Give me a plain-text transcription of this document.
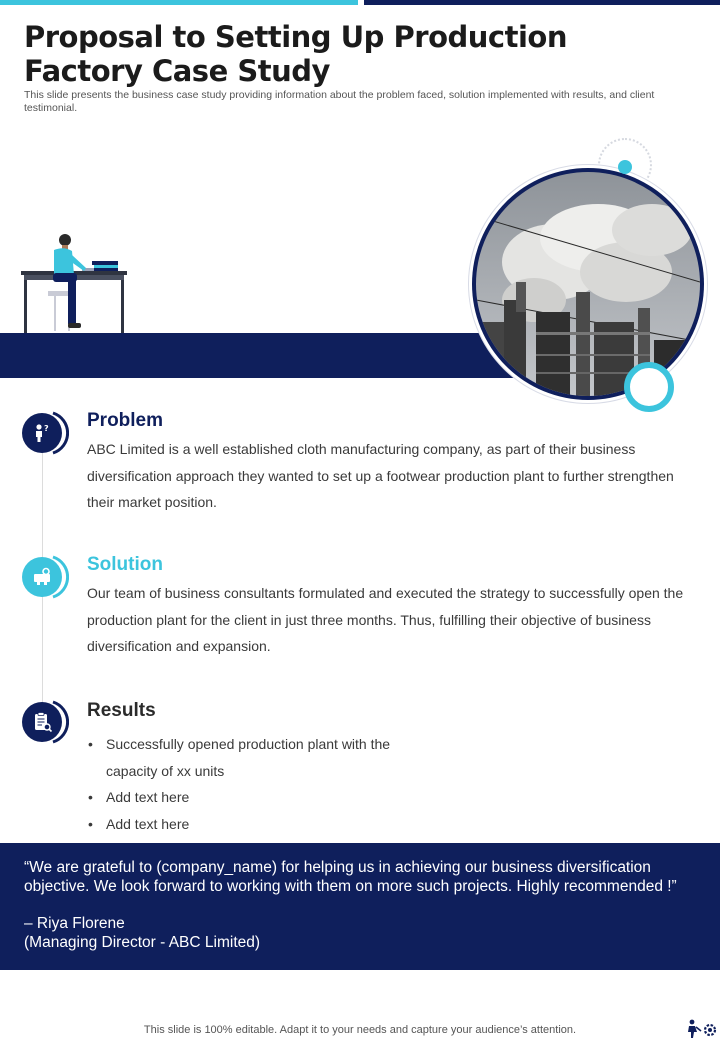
Proposal to Setting Up Production Factory Case Study

This slide presents the business case study providing information about the problem faced, solution implemented with results, and client testimonial.

? Problem

ABC Limited is a well established cloth manufacturing company, as part of their business diversification approach they wanted to set up a footwear production plant to further strengthen their market position.

Solution

Our team of business consultants formulated and executed the strategy to successfully open the production plant for the client in just three months. Thus, fulfilling their objective of business diversification and expansion.

Results
• Successfully opened production plant with the capacity of xx units
• Add text here
• Add text here
“We are grateful to (company_name) for helping us in achieving our business diversification objective. We look forward to working with them on more such projects. Highly recommended !”
– Riya Florene
(Managing Director - ABC Limited)

This slide is 100% editable. Adapt it to your needs and capture your audience’s attention.
